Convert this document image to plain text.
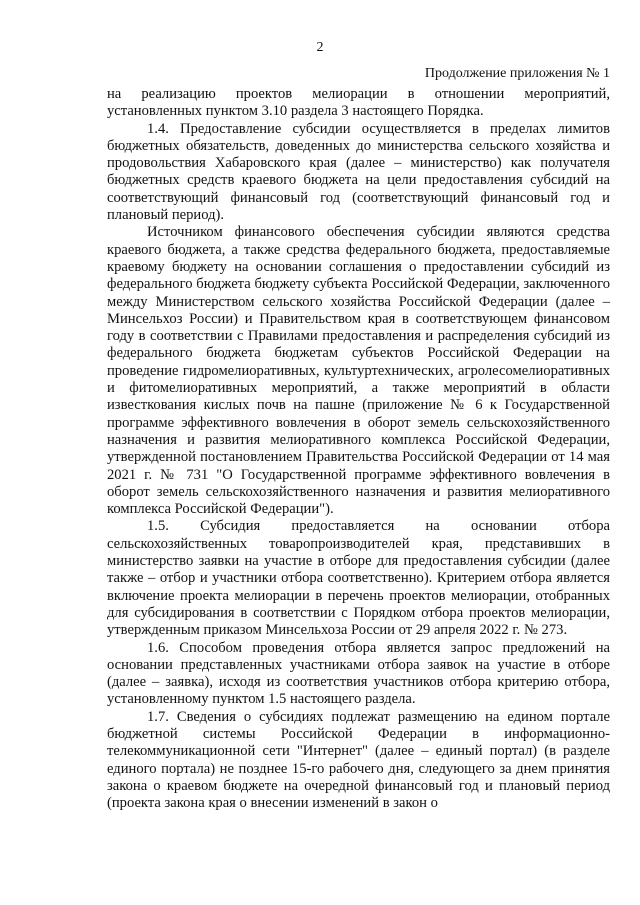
2
Продолжение приложения № 1

на реализацию проектов мелиорации в отношении мероприятий, установленных пунктом 3.10 раздела 3 настоящего Порядка.

1.4. Предоставление субсидии осуществляется в пределах лимитов бюджетных обязательств, доведенных до министерства сельского хозяйства и продовольствия Хабаровского края (далее – министерство) как получателя бюджетных средств краевого бюджета на цели предоставления субсидий на соответствующий финансовый год (соответствующий финансовый год и плановый период).

Источником финансового обеспечения субсидии являются средства краевого бюджета, а также средства федерального бюджета, предоставляемые краевому бюджету на основании соглашения о предоставлении субсидий из федерального бюджета бюджету субъекта Российской Федерации, заключенного между Министерством сельского хозяйства Российской Федерации (далее – Минсельхоз России) и Правительством края в соответствующем финансовом году в соответствии с Правилами предоставления и распределения субсидий из федерального бюджета бюджетам субъектов Российской Федерации на проведение гидромелиоративных, культуртехнических, агролесомелиоративных и фитомелиоративных мероприятий, а также мероприятий в области известкования кислых почв на пашне (приложение № 6 к Государственной программе эффективного вовлечения в оборот земель сельскохозяйственного назначения и развития мелиоративного комплекса Российской Федерации, утвержденной постановлением Правительства Российской Федерации от 14 мая 2021 г. № 731 "О Государственной программе эффективного вовлечения в оборот земель сельскохозяйственного назначения и развития мелиоративного комплекса Российской Федерации").

1.5. Субсидия предоставляется на основании отбора сельскохозяйственных товаропроизводителей края, представивших в министерство заявки на участие в отборе для предоставления субсидии (далее также – отбор и участники отбора соответственно). Критерием отбора является включение проекта мелиорации в перечень проектов мелиорации, отобранных для субсидирования в соответствии с Порядком отбора проектов мелиорации, утвержденным приказом Минсельхоза России от 29 апреля 2022 г. № 273.

1.6. Способом проведения отбора является запрос предложений на основании представленных участниками отбора заявок на участие в отборе (далее – заявка), исходя из соответствия участников отбора критерию отбора, установленному пунктом 1.5 настоящего раздела.

1.7. Сведения о субсидиях подлежат размещению на едином портале бюджетной системы Российской Федерации в информационно-телекоммуникационной сети "Интернет" (далее – единый портал) (в разделе единого портала) не позднее 15-го рабочего дня, следующего за днем принятия закона о краевом бюджете на очередной финансовый год и плановый период (проекта закона края о внесении изменений в закон о
